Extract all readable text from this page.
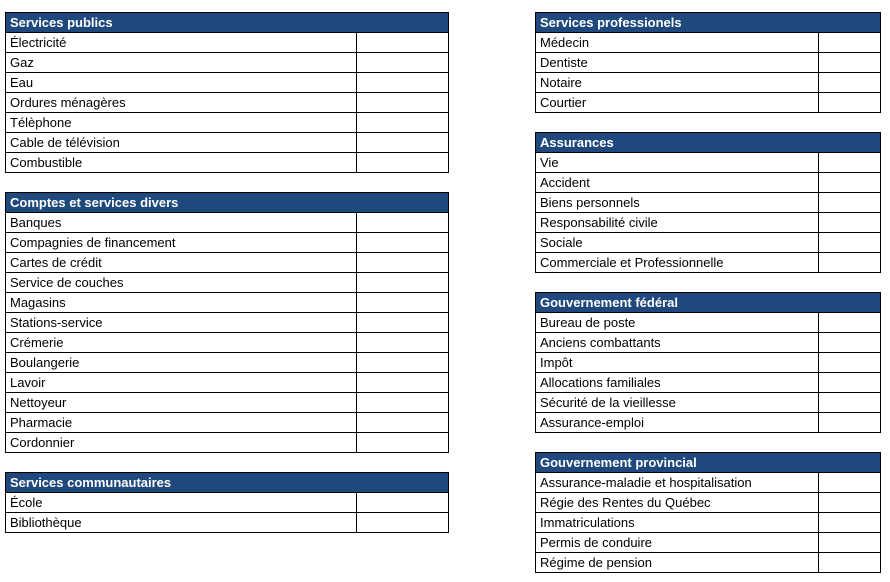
Services publics	
Électricité	
Gaz	
Eau	
Ordures ménagères	
Télèphone	
Cable de télévision	
Combustible	
Comptes et services divers	
Banques	
Compagnies de financement	
Cartes de crédit	
Service de couches	
Magasins	
Stations-service	
Crémerie	
Boulangerie	
Lavoir	
Nettoyeur	
Pharmacie	
Cordonnier	
Services communautaires	
École	
Bibliothèque	
Services professionels	
Médecin	
Dentiste	
Notaire	
Courtier	
Assurances	
Vie	
Accident	
Biens personnels	
Responsabilité civile	
Sociale	
Commerciale et Professionnelle	
Gouvernement fédéral	
Bureau de poste	
Anciens combattants	
Impôt	
Allocations familiales	
Sécurité de la vieillesse	
Assurance-emploi	
Gouvernement provincial	
Assurance-maladie et hospitalisation	
Régie des Rentes du Québec	
Immatriculations	
Permis de conduire	
Régime de pension	
